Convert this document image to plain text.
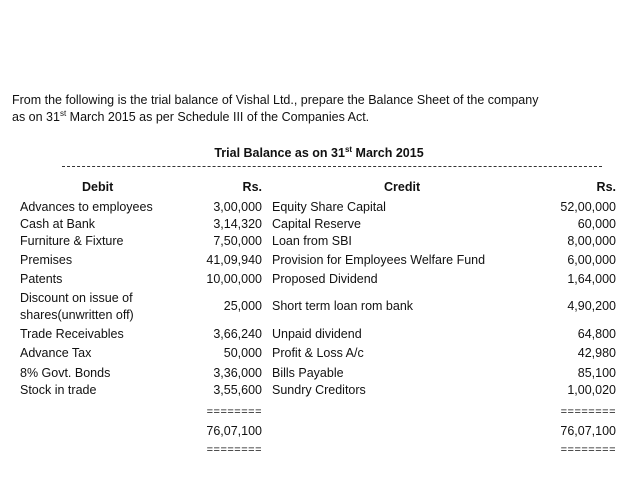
From the following is the trial balance of Vishal Ltd., prepare the Balance Sheet of the company
as on 31st March 2015 as per Schedule III of the Companies Act.
Trial Balance as on 31st March 2015
Debit	Rs.	Credit	Rs.
Advances to employees	3,00,000 Equity Share Capital	52,00,000
Cash at Bank	3,14,320 Capital Reserve	60,000
Furniture & Fixture	7,50,000 Loan from SBI	8,00,000
Premises	41,09,940 Provision for Employees Welfare Fund	6,00,000
Patents	10,00,000 Proposed Dividend	1,64,000
Discount on issue of
shares(unwritten off)
25,000 Short term loan rom bank	4,90,200
Trade Receivables	3,66,240 Unpaid dividend	64,800
Advance Tax	50,000 Profit & Loss A/c	42,980
8% Govt. Bonds	3,36,000 Bills Payable	85,100
Stock in trade	3,55,600 Sundry Creditors	1,00,020
========	========
76,07,100	76,07,100
========	========
